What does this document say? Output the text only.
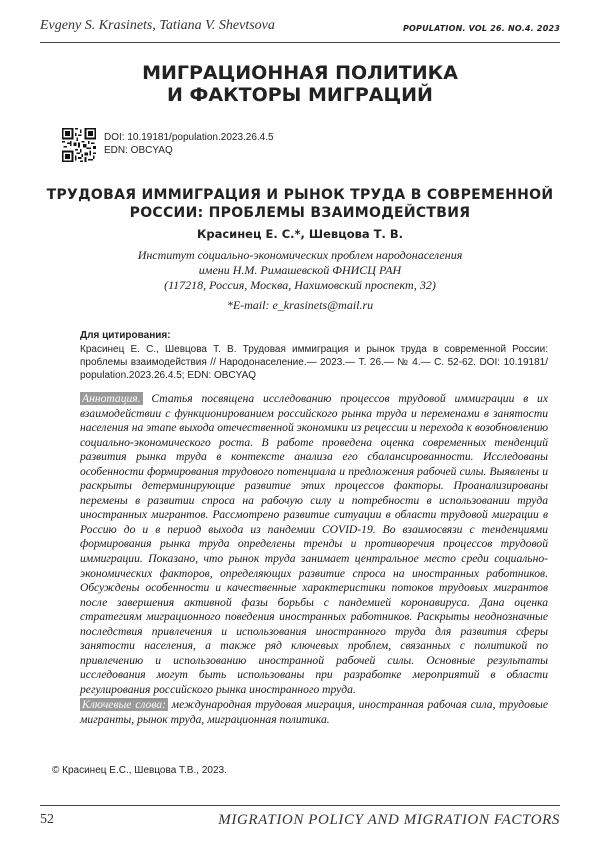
Evgeny S. Krasinets, Tatiana V. Shevtsova	POPULATION. VOL 26. NO.4. 2023
МИГРАЦИОННАЯ ПОЛИТИКА
И ФАКТОРЫ МИГРАЦИЙ
DOI: 10.19181/population.2023.26.4.5
EDN: OBCYAQ
ТРУДОВАЯ ИММИГРАЦИЯ И РЫНОК ТРУДА В СОВРЕМЕННОЙ
РОССИИ: ПРОБЛЕМЫ ВЗАИМОДЕЙСТВИЯ
Красинец Е. С.*, Шевцова Т. В.
Институт социально-экономических проблем народонаселения
имени Н.М. Римашевской ФНИСЦ РАН
(117218, Россия, Москва, Нахимовский проспект, 32)
*E-mail: e_krasinets@mail.ru
Для цитирования:
Красинец Е. С., Шевцова Т. В. Трудовая иммиграция и рынок труда в современной России: проблемы взаимодействия // Народонаселение.— 2023.— Т. 26.— № 4.— С. 52-62. DOI: 10.19181/ population.2023.26.4.5; EDN: OBCYAQ
Аннотация. Статья посвящена исследованию процессов трудовой иммиграции в их взаимодействии с функционированием российского рынка труда и переменами в занятости населения на этапе выхода отечественной экономики из рецессии и перехода к возобновлению социально-экономического роста. В работе проведена оценка современных тенденций развития рынка труда в контексте анализа его сбалансированности. Исследованы особенности формирования трудового потенциала и предложения рабочей силы. Выявлены и раскрыты детерминирующие развитие этих процессов факторы. Проанализированы перемены в развитии спроса на рабочую силу и потребности в использовании труда иностранных мигрантов. Рассмотрено развитие ситуации в области трудовой миграции в Россию до и в период выхода из пандемии COVID-19. Во взаимосвязи с тенденциями формирования рынка труда определены тренды и противоречия процессов трудовой иммиграции. Показано, что рынок труда занимает центральное место среди социально-экономических факторов, определяющих развитие спроса на иностранных работников. Обсуждены особенности и качественные характеристики потоков трудовых мигрантов после завершения активной фазы борьбы с пандемией коронавируса. Дана оценка стратегиям миграционного поведения иностранных работников. Раскрыты неоднозначные последствия привлечения и использования иностранного труда для развития сферы занятости населения, а также ряд ключевых проблем, связанных с политикой по привлечению и использованию иностранной рабочей силы. Основные результаты исследования могут быть использованы при разработке мероприятий в области регулирования российского рынка иностранного труда.
Ключевые слова: международная трудовая миграция, иностранная рабочая сила, трудовые мигранты, рынок труда, миграционная политика.
© Красинец Е.С., Шевцова Т.В., 2023.
52	MIGRATION POLICY AND MIGRATION FACTORS
